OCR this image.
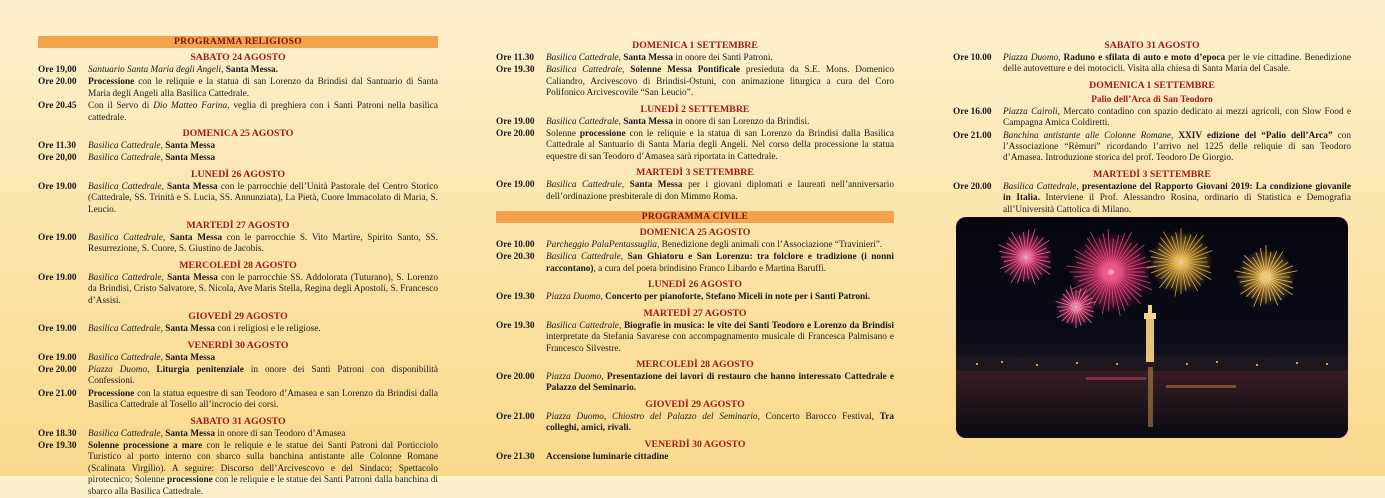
PROGRAMMA RELIGIOSO
SABATO 24 AGOSTO
Ore 19,00	Santuario Santa Maria degli Angeli, Santa Messa.
Ore 20.00	Processione con le reliquie e la statua di san Lorenzo da Brindisi dal Santuario di Santa Maria degli Angeli alla Basilica Cattedrale.
Ore 20.45	Con il Servo di Dio Matteo Farina, veglia di preghiera con i Santi Patroni nella basilica cattedrale.
DOMENICA 25 AGOSTO
Ore 11.30	Basilica Cattedrale, Santa Messa
Ore 20,00	Basilica Cattedrale, Santa Messa
LUNEDÌ 26 AGOSTO
Ore 19.00	Basilica Cattedrale, Santa Messa con le parrocchie dell’Unità Pastorale del Centro Storico (Cattedrale, SS. Trinità e S. Lucia, SS. Annunziata), La Pietà, Cuore Immacolato di Maria, S. Leucio.
MARTEDÌ 27 AGOSTO
Ore 19.00	Basilica Cattedrale, Santa Messa con le parrocchie S. Vito Martire, Spirito Santo, SS. Resurrezione, S. Cuore, S. Giustino de Jacobis.
MERCOLEDÌ 28 AGOSTO
Ore 19.00	Basilica Cattedrale, Santa Messa con le parrocchie SS. Addolorata (Tuturano), S. Lorenzo da Brindisi, Cristo Salvatore, S. Nicola, Ave Maris Stella, Regina degli Apostoli, S. Francesco d’Assisi.
GIOVEDÌ 29 AGOSTO
Ore 19.00	Basilica Cattedrale, Santa Messa con i religiosi e le religiose.
VENERDÌ 30 AGOSTO
Ore 19.00	Basilica Cattedrale, Santa Messa
Ore 20.00	Piazza Duomo, Liturgia penitenziale in onore dei Santi Patroni con disponibilità Confessioni.
Ore 21.00	Processione con la statua equestre di san Teodoro d’Amasea e san Lorenzo da Brindisi dalla Basilica Cattedrale al Tosello all’incrocio dei corsi.
SABATO 31 AGOSTO
Ore 18.30	Basilica Cattedrale, Santa Messa in onore di san Teodoro d’Amasea
Ore 19.30	Solenne processione a mare con le reliquie e le statue dei Santi Patroni dal Porticciolo Turistico al porto interno con sbarco sulla banchina antistante alle Colonne Romane (Scalinata Virgilio). A seguire: Discorso dell’Arcivescovo e del Sindaco; Spettacolo pirotecnico; Solenne processione con le reliquie e le statue dei Santi Patroni dalla banchina di sbarco alla Basilica Cattedrale.
DOMENICA 1 SETTEMBRE
Ore 11.30	Basilica Cattedrale, Santa Messa in onore dei Santi Patroni.
Ore 19.30	Basilica Cattedrale, Solenne Messa Pontificale presieduta da S.E. Mons. Domenico Caliandro, Arcivescovo di Brindisi-Ostuni, con animazione liturgica a cura del Coro Polifonico Arcivescovile “San Leucio”.
LUNEDÌ 2 SETTEMBRE
Ore 19.00	Basilica Cattedrale, Santa Messa in onore di san Lorenzo da Brindisi.
Ore 20.00	Solenne processione con le reliquie e la statua di san Lorenzo da Brindisi dalla Basilica Cattedrale al Santuario di Santa Maria degli Angeli. Nel corso della processione la statua equestre di san Teodoro d’Amasea sarà riportata in Cattedrale.
MARTEDÌ 3 SETTEMBRE
Ore 19.00	Basilica Cattedrale, Santa Messa per i giovani diplomati e laureati nell’anniversario dell’ordinazione presbiterale di don Mimmo Roma.
PROGRAMMA CIVILE
DOMENICA 25 AGOSTO
Ore 10.00	Parcheggio PalaPentassuglia, Benedizione degli animali con l’Associazione “Travinieri”.
Ore 20.30	Basilica Cattedrale, San Ghiatoru e San Lorenzu: tra folclore e tradizione (i nonni raccontano), a cura del poeta brindisino Franco Libardo e Martina Baruffi.
LUNEDÌ 26 AGOSTO
Ore 19.30	Piazza Duomo, Concerto per pianoforte, Stefano Miceli in note per i Santi Patroni.
MARTEDÌ 27 AGOSTO
Ore 19.30	Basilica Cattedrale, Biografie in musica: le vite dei Santi Teodoro e Lorenzo da Brindisi interpretate da Stefania Savarese con accompagnamento musicale di Francesca Palmisano e Francesco Silvestre.
MERCOLEDÌ 28 AGOSTO
Ore 20.00	Piazza Duomo, Presentazione dei lavori di restauro che hanno interessato Cattedrale e Palazzo del Seminario.
GIOVEDÌ 29 AGOSTO
Ore 21.00	Piazza Duomo, Chiostro del Palazzo del Seminario, Concerto Barocco Festival, Tra colleghi, amici, rivali.
VENERDÌ 30 AGOSTO
Ore 21.30	Accensione luminarie cittadine
SABATO 31 AGOSTO
Ore 10.00	Piazza Duomo, Raduno e sfilata di auto e moto d’epoca per le vie cittadine. Benedizione delle autovetture e dei motocicli. Visita alla chiesa di Santa Maria del Casale.
DOMENICA 1 SETTEMBRE
Palio dell’Arca di San Teodoro
Ore 16.00	Piazza Cairoli, Mercato contadino con spazio dedicato ai mezzi agricoli, con Slow Food e Campagna Amica Coldiretti.
Ore 21.00	Banchina antistante alle Colonne Romane, XXIV edizione del “Palio dell’Arca” con l’Associazione “Rèmuri” ricordando l’arrivo nel 1225 delle reliquie di san Teodoro d’Amasea. Introduzione storica del prof. Teodoro De Giorgio.
MARTEDÌ 3 SETTEMBRE
Ore 20.00	Basilica Cattedrale, presentazione del Rapporto Giovani 2019: La condizione giovanile in Italia. Interviene il Prof. Alessandro Rosina, ordinario di Statistica e Demografia all’Università Cattolica di Milano.
